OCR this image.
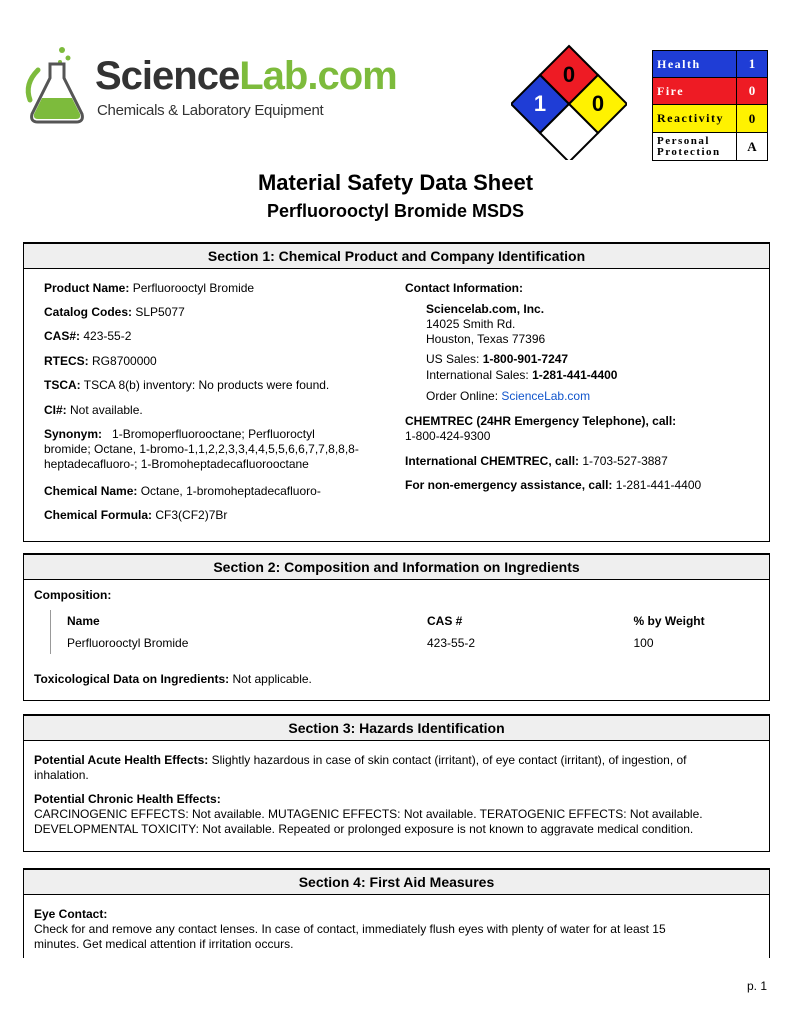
ScienceLab.com
Chemicals & Laboratory Equipment
0
1	0
Health	1
Fire	0
Reactivity	0
Personal
Protection	A
Material Safety Data Sheet
Perfluorooctyl Bromide MSDS
Section 1: Chemical Product and Company Identification
Product Name: Perfluorooctyl Bromide
Catalog Codes: SLP5077
CAS#: 423-55-2
RTECS: RG8700000
TSCA: TSCA 8(b) inventory: No products were found.
CI#: Not available.
Synonym: 1-Bromoperfluorooctane; Perfluoroctyl
bromide; Octane, 1-bromo-1,1,2,2,3,3,4,4,5,5,6,6,7,7,8,8,8-
heptadecafluoro-; 1-Bromoheptadecafluorooctane
Chemical Name: Octane, 1-bromoheptadecafluoro-
Chemical Formula: CF3(CF2)7Br
Contact Information:
Sciencelab.com, Inc.
14025 Smith Rd.
Houston, Texas 77396
US Sales: 1-800-901-7247
International Sales: 1-281-441-4400
Order Online: ScienceLab.com
CHEMTREC (24HR Emergency Telephone), call:
1-800-424-9300
International CHEMTREC, call: 1-703-527-3887
For non-emergency assistance, call: 1-281-441-4400
Section 2: Composition and Information on Ingredients
Composition:
Name	CAS #	% by Weight
Perfluorooctyl Bromide	423-55-2	100
Toxicological Data on Ingredients: Not applicable.
Section 3: Hazards Identification
Potential Acute Health Effects: Slightly hazardous in case of skin contact (irritant), of eye contact (irritant), of ingestion, of
inhalation.
Potential Chronic Health Effects:
CARCINOGENIC EFFECTS: Not available. MUTAGENIC EFFECTS: Not available. TERATOGENIC EFFECTS: Not available.
DEVELOPMENTAL TOXICITY: Not available. Repeated or prolonged exposure is not known to aggravate medical condition.
Section 4: First Aid Measures
Eye Contact:
Check for and remove any contact lenses. In case of contact, immediately flush eyes with plenty of water for at least 15
minutes. Get medical attention if irritation occurs.
p. 1
